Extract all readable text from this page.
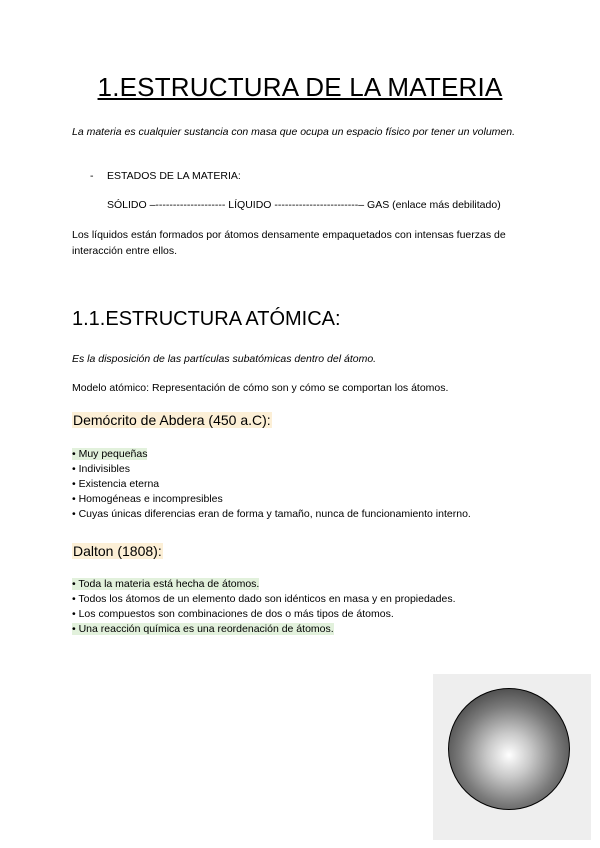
1.ESTRUCTURA DE LA MATERIA
La materia es cualquier sustancia con masa que ocupa un espacio físico por tener un volumen.
- ESTADOS DE LA MATERIA:
SÓLIDO –-------------------- LÍQUIDO ------------------------– GAS (enlace más debilitado)
Los líquidos están formados por átomos densamente empaquetados con intensas fuerzas de interacción entre ellos.
1.1.ESTRUCTURA ATÓMICA:
Es la disposición de las partículas subatómicas dentro del átomo.
Modelo atómico: Representación de cómo son y cómo se comportan los átomos.
Demócrito de Abdera (450 a.C):
• Muy pequeñas
• Indivisibles
• Existencia eterna
• Homogéneas e incompresibles
• Cuyas únicas diferencias eran de forma y tamaño, nunca de funcionamiento interno.
Dalton (1808):
• Toda la materia está hecha de átomos.
• Todos los átomos de un elemento dado son idénticos en masa y en propiedades.
• Los compuestos son combinaciones de dos o más tipos de átomos.
• Una reacción química es una reordenación de átomos.
